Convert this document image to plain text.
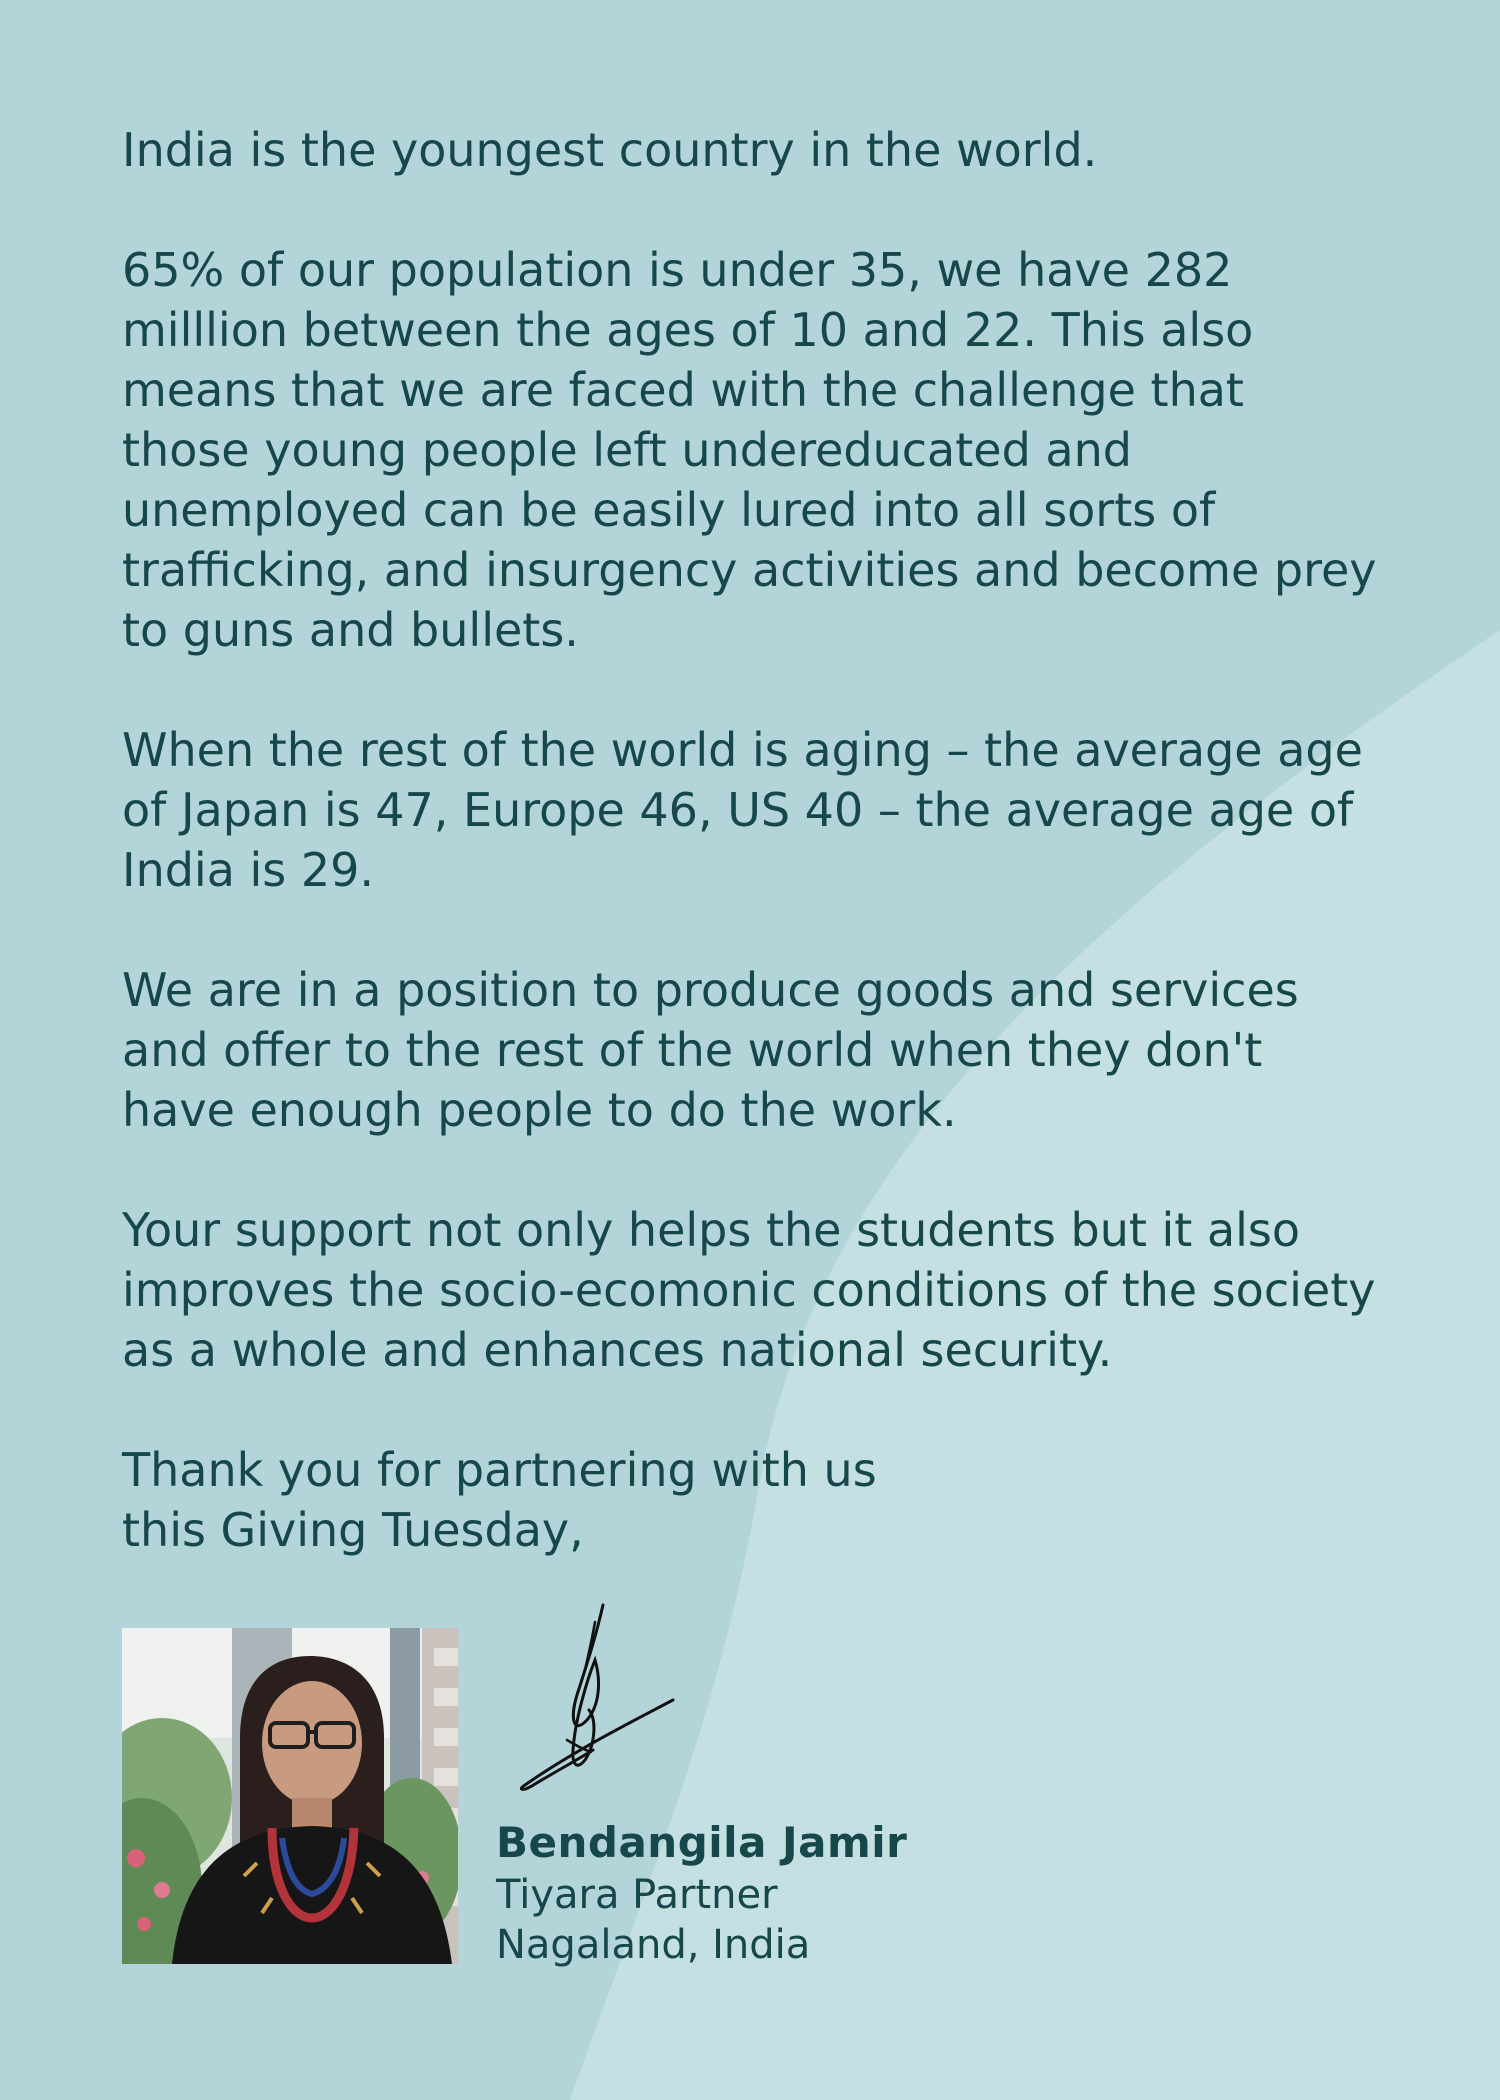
India is the youngest country in the world.

65% of our population is under 35, we have 282 milllion between the ages of 10 and 22. This also means that we are faced with the challenge that those young people left undereducated and unemployed can be easily lured into all sorts of trafficking, and insurgency activities and become prey to guns and bullets.

When the rest of the world is aging – the average age of Japan is 47, Europe 46, US 40 – the average age of India is 29.

We are in a position to produce goods and services and offer to the rest of the world when they don't have enough people to do the work.

Your support not only helps the students but it also improves the socio-ecomonic conditions of the society as a whole and enhances national security.

Thank you for partnering with us
this Giving Tuesday,

Bendangila Jamir
Tiyara Partner
Nagaland, India
